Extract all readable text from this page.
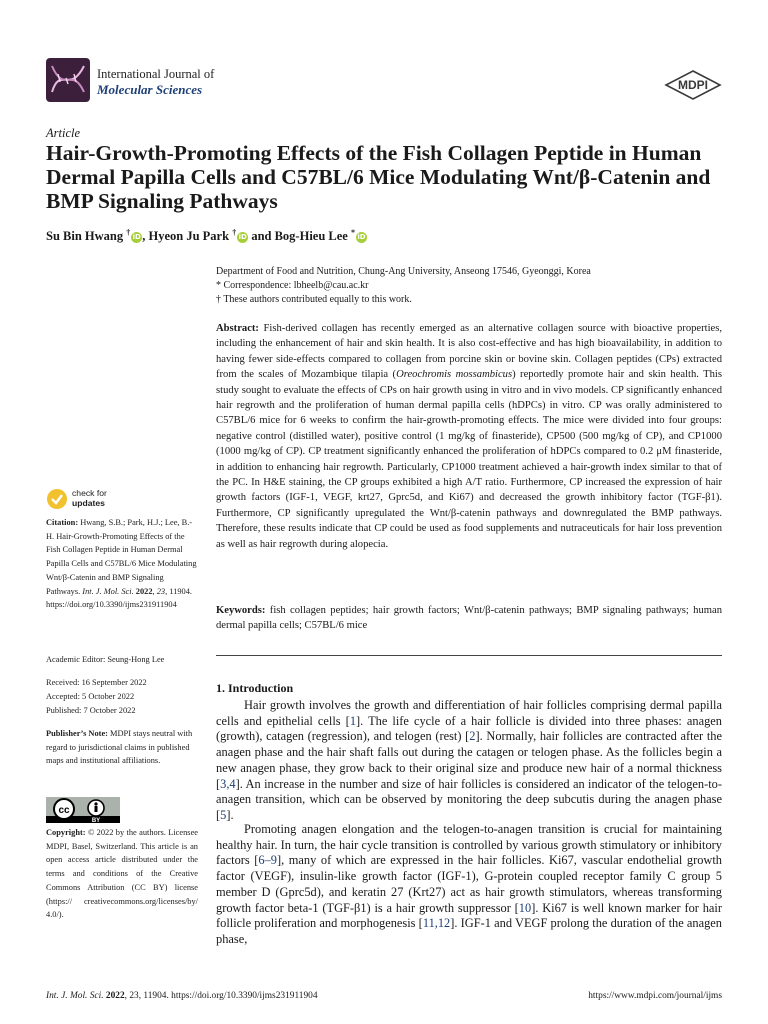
International Journal of
Molecular Sciences	MDPI
Article
Hair-Growth-Promoting Effects of the Fish Collagen Peptide in Human Dermal Papilla Cells and C57BL/6 Mice Modulating Wnt/β-Catenin and BMP Signaling Pathways
Su Bin Hwang †iD, Hyeon Ju Park †iD and Bog-Hieu Lee *iD
Department of Food and Nutrition, Chung-Ang University, Anseong 17546, Gyeonggi, Korea
* Correspondence: lbheelb@cau.ac.kr
† These authors contributed equally to this work.
Abstract: Fish-derived collagen has recently emerged as an alternative collagen source with bioactive properties, including the enhancement of hair and skin health. It is also cost-effective and has high bioavailability, in addition to having fewer side-effects compared to collagen from porcine skin or bovine skin. Collagen peptides (CPs) extracted from the scales of Mozambique tilapia (Oreochromis mossambicus) reportedly promote hair and skin health. This study sought to evaluate the effects of CPs on hair growth using in vitro and in vivo models. CP significantly enhanced hair regrowth and the proliferation of human dermal papilla cells (hDPCs) in vitro. CP was orally administered to C57BL/6 mice for 6 weeks to confirm the hair-growth-promoting effects. The mice were divided into four groups: negative control (distilled water), positive control (1 mg/kg of finasteride), CP500 (500 mg/kg of CP), and CP1000 (1000 mg/kg of CP). CP treatment significantly enhanced the proliferation of hDPCs compared to 0.2 μM finasteride, in addition to enhancing hair regrowth. Particularly, CP1000 treatment achieved a hair-growth index similar to that of the PC. In H&E staining, the CP groups exhibited a high A/T ratio. Furthermore, CP increased the expression of hair growth factors (IGF-1, VEGF, krt27, Gprc5d, and Ki67) and decreased the growth inhibitory factor (TGF-β1). Furthermore, CP significantly upregulated the Wnt/β-catenin pathways and downregulated the BMP pathways. Therefore, these results indicate that CP could be used as food supplements and nutraceuticals for hair loss prevention as well as hair regrowth during alopecia.
Keywords: fish collagen peptides; hair growth factors; Wnt/β-catenin pathways; BMP signaling pathways; human dermal papilla cells; C57BL/6 mice
check for
updates
Citation: Hwang, S.B.; Park, H.J.; Lee, B.-H. Hair-Growth-Promoting Effects of the Fish Collagen Peptide in Human Dermal Papilla Cells and C57BL/6 Mice Modulating Wnt/β-Catenin and BMP Signaling Pathways. Int. J. Mol. Sci. 2022, 23, 11904. https://doi.org/10.3390/ijms231911904
Academic Editor: Seung-Hong Lee
Received: 16 September 2022
Accepted: 5 October 2022
Published: 7 October 2022
Publisher’s Note: MDPI stays neutral with regard to jurisdictional claims in published maps and institutional affiliations.
cc
BY
Copyright: © 2022 by the authors. Licensee MDPI, Basel, Switzerland. This article is an open access article distributed under the terms and conditions of the Creative Commons Attribution (CC BY) license (https:// creativecommons.org/licenses/by/ 4.0/).
1. Introduction
Hair growth involves the growth and differentiation of hair follicles comprising dermal papilla cells and epithelial cells [1]. The life cycle of a hair follicle is divided into three phases: anagen (growth), catagen (regression), and telogen (rest) [2]. Normally, hair follicles are contracted after the anagen phase and the hair shaft falls out during the catagen or telogen phase. As the follicles begin a new anagen phase, they grow back to their original size and produce new hair of a normal thickness [3,4]. An increase in the number and size of hair follicles is considered an indicator of the telogen-to-anagen transition, which can be observed by monitoring the deep subcutis during the anagen phase [5].
Promoting anagen elongation and the telogen-to-anagen transition is crucial for maintaining healthy hair. In turn, the hair cycle transition is controlled by various growth stimulatory or inhibitory factors [6–9], many of which are expressed in the hair follicles. Ki67, vascular endothelial growth factor (VEGF), insulin-like growth factor (IGF-1), G-protein coupled receptor family C group 5 member D (Gprc5d), and keratin 27 (Krt27) act as hair growth stimulators, whereas transforming growth factor beta-1 (TGF-β1) is a hair growth suppressor [10]. Ki67 is well known marker for hair follicle proliferation and morphogenesis [11,12]. IGF-1 and VEGF prolong the duration of the anagen phase,
Int. J. Mol. Sci. 2022, 23, 11904. https://doi.org/10.3390/ijms231911904	https://www.mdpi.com/journal/ijms
